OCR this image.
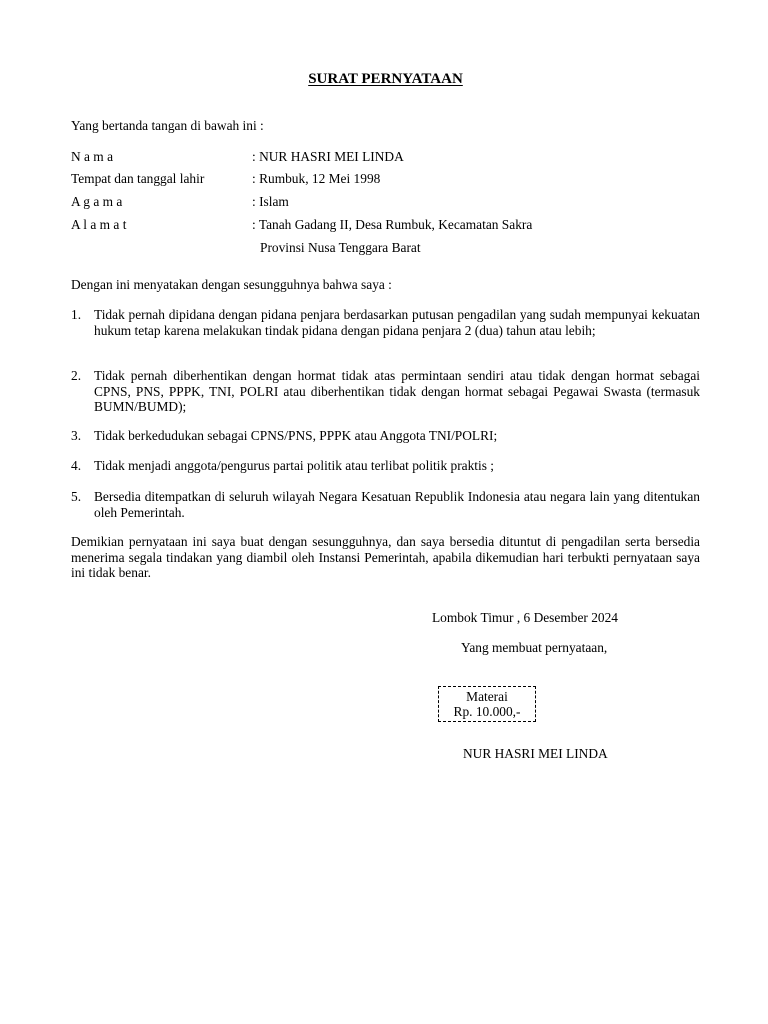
SURAT PERNYATAAN
Yang bertanda tangan di bawah ini :
N a m a	: NUR HASRI MEI LINDA
Tempat dan tanggal lahir	: Rumbuk, 12 Mei 1998
A g a m a	: Islam
A l a m a t	: Tanah Gadang II, Desa Rumbuk, Kecamatan Sakra
Provinsi Nusa Tenggara Barat
Dengan ini menyatakan dengan sesungguhnya bahwa saya :
1. Tidak pernah dipidana dengan pidana penjara berdasarkan putusan pengadilan yang sudah mempunyai kekuatan hukum tetap karena melakukan tindak pidana dengan pidana penjara 2 (dua) tahun atau lebih;
2. Tidak pernah diberhentikan dengan hormat tidak atas permintaan sendiri atau tidak dengan hormat sebagai CPNS, PNS, PPPK, TNI, POLRI atau diberhentikan tidak dengan hormat sebagai Pegawai Swasta (termasuk BUMN/BUMD);
3. Tidak berkedudukan sebagai CPNS/PNS, PPPK atau Anggota TNI/POLRI;
4. Tidak menjadi anggota/pengurus partai politik atau terlibat politik praktis ;
5. Bersedia ditempatkan di seluruh wilayah Negara Kesatuan Republik Indonesia atau negara lain yang ditentukan oleh Pemerintah.
Demikian pernyataan ini saya buat dengan sesungguhnya, dan saya bersedia dituntut di pengadilan serta bersedia menerima segala tindakan yang diambil oleh Instansi Pemerintah, apabila dikemudian hari terbukti pernyataan saya ini tidak benar.
Lombok Timur , 6 Desember 2024
Yang membuat pernyataan,
Materai
Rp. 10.000,-
NUR HASRI MEI LINDA
